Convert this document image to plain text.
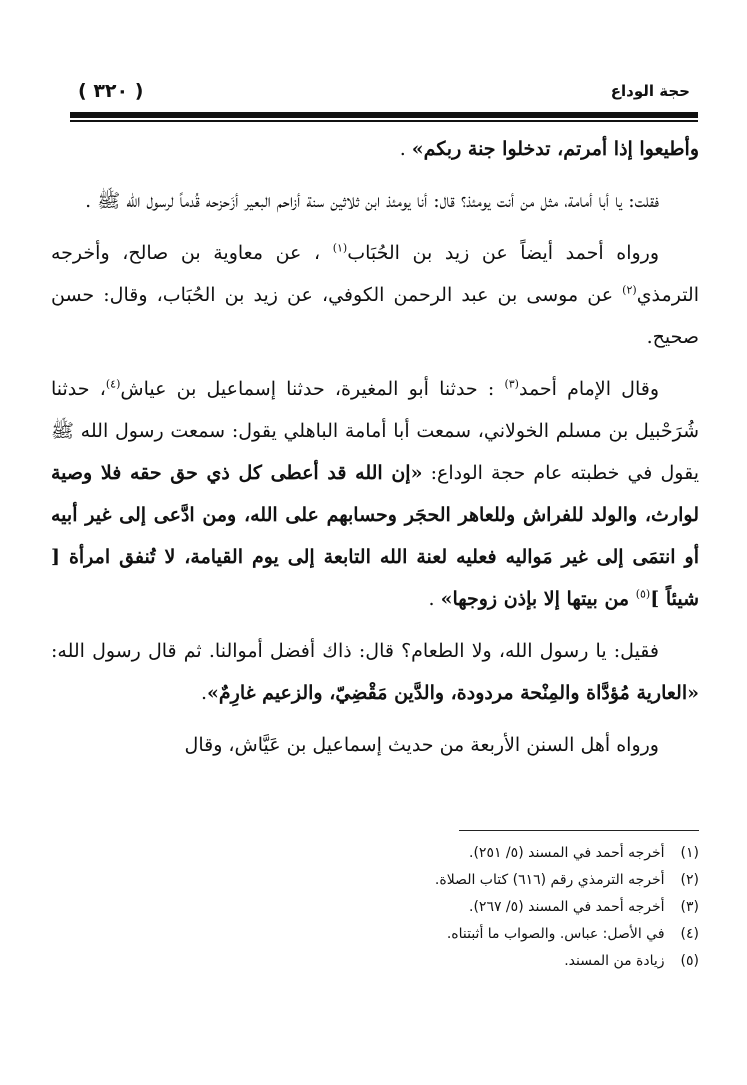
حجة الوداع
( ٣٢٠ )

وأطيعوا إذا أمرتم، تدخلوا جنة ربكم» .

فقلت: يا أبا أمامة، مثل من أنت يومئذ؟ قال: أنا يومئذ ابن ثلاثين سنة أزاحم البعير أزَحزحه قُدماً لرسول الله ﷺ .

ورواه أحمد أيضاً عن زيد بن الحُبَاب$^{(١)}$ ، عن معاوية بن صالح، وأخرجه الترمذي$^{(٢)}$ عن موسى بن عبد الرحمن الكوفي، عن زيد بن الحُبَاب، وقال: حسن صحيح.

وقال الإمام أحمد$^{(٣)}$ : حدثنا أبو المغيرة، حدثنا إسماعيل بن عياش$^{(٤)}$، حدثنا شُرَحْبيل بن مسلم الخولاني، سمعت أبا أمامة الباهلي يقول: سمعت رسول الله ﷺ يقول في خطبته عام حجة الوداع: «إن الله قد أعطى كل ذي حق حقه فلا وصية لوارث، والولد للفراش وللعاهر الحجَر وحسابهم على الله، ومن ادَّعى إلى غير أبيه أو انتمَى إلى غير مَواليه فعليه لعنة الله التابعة إلى يوم القيامة، لا تُنفق امرأة [ شيئاً ]$^{(٥)}$ من بيتها إلا بإذن زوجها» .

فقيل: يا رسول الله، ولا الطعام؟ قال: ذاك أفضل أموالنا. ثم قال رسول الله: «العارية مُؤدَّاة والمِنْحة مردودة، والدَّين مَقْضِيّ، والزعيم غارِمٌ».

ورواه أهل السنن الأربعة من حديث إسماعيل بن عَيَّاش، وقال

(١) أخرجه أحمد في المسند (٥/ ٢٥١).
(٢) أخرجه الترمذي رقم (٦١٦) كتاب الصلاة.
(٣) أخرجه أحمد في المسند (٥/ ٢٦٧).
(٤) في الأصل: عباس. والصواب ما أثبتناه.
(٥) زيادة من المسند.
